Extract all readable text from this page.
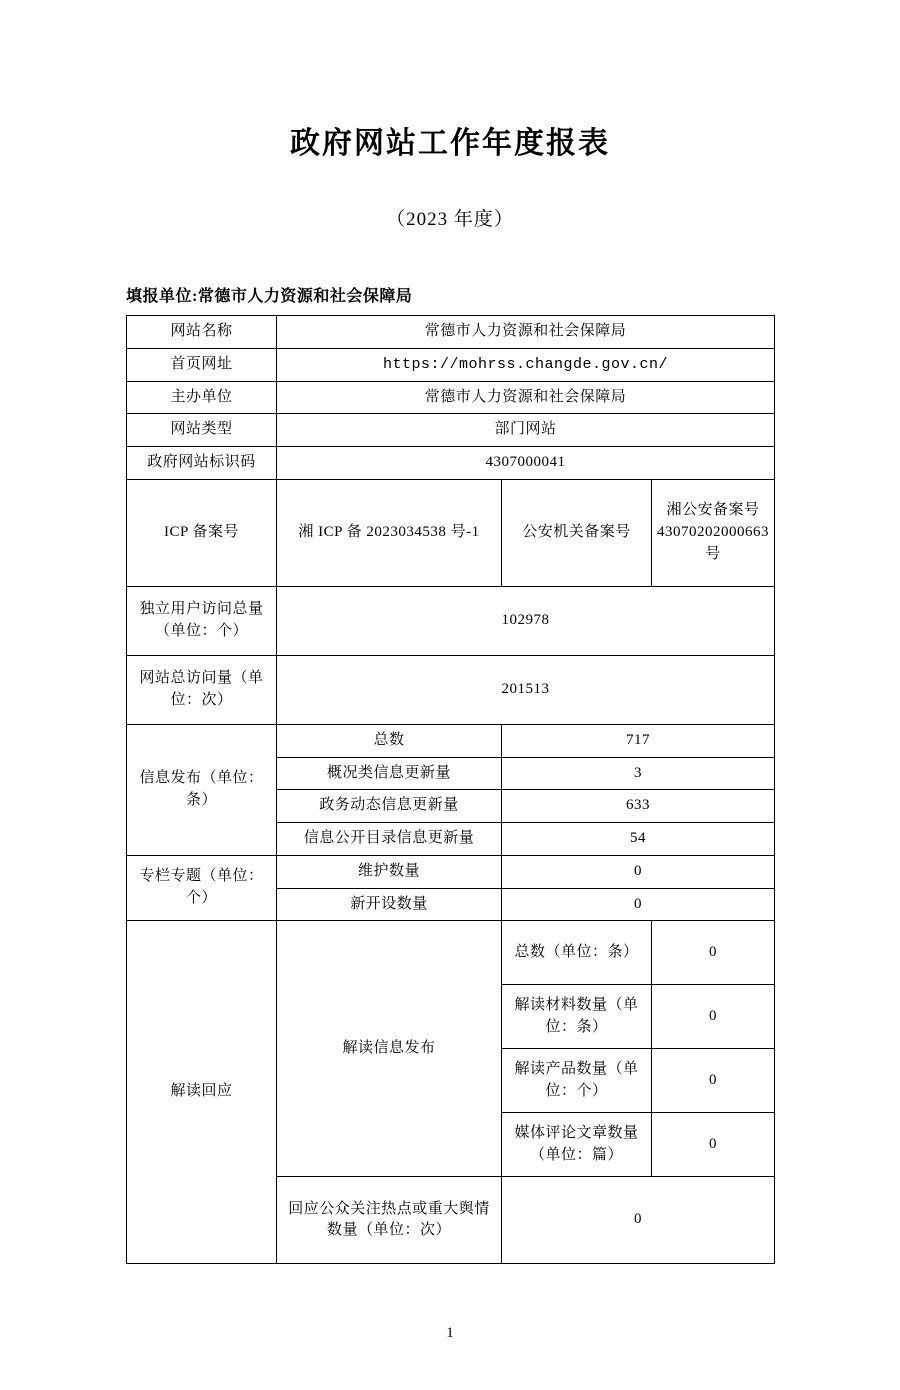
政府网站工作年度报表
（2023 年度）
填报单位:常德市人力资源和社会保障局
网站名称	常德市人力资源和社会保障局		
首页网址	https://mohrss.changde.gov.cn/		
主办单位	常德市人力资源和社会保障局		
网站类型	部门网站		
政府网站标识码	4307000041		
ICP 备案号	湘 ICP 备 2023034538 号-1	公安机关备案号	湘公安备案号 43070202000663 号
独立用户访问总量（单位：个）	102978		
网站总访问量（单位：次）	201513		
信息发布（单位：条）	总数	717	
	概况类信息更新量	3	
	政务动态信息更新量	633	
	信息公开目录信息更新量	54	
专栏专题（单位：个）	维护数量	0	
	新开设数量	0	
解读回应	解读信息发布	总数（单位：条）	0
		解读材料数量（单位：条）	0
		解读产品数量（单位：个）	0
		媒体评论文章数量（单位：篇）	0
	回应公众关注热点或重大舆情数量（单位：次）	0	
1
